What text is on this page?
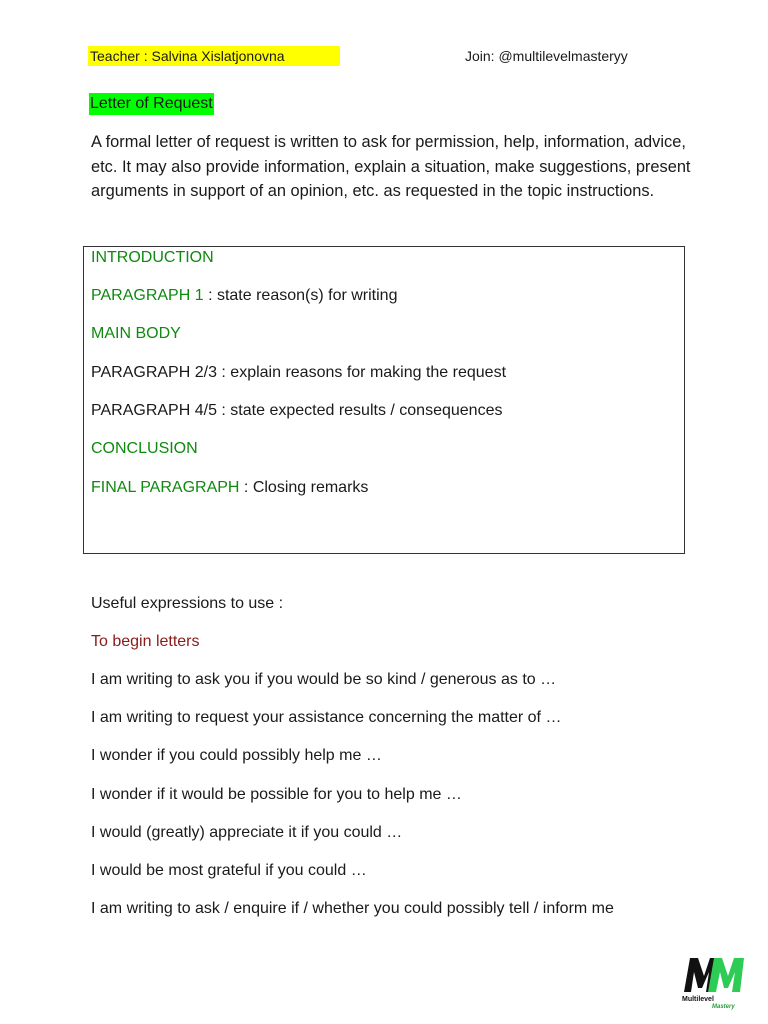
Teacher : Salvina Xislatjonovna	Join: @multilevelmasteryy
Letter of Request
A formal letter of request is written to ask for permission, help, information, advice, etc. It may also provide information, explain a situation, make suggestions, present arguments in support of an opinion, etc. as requested in the topic instructions.
INTRODUCTION
PARAGRAPH 1 : state reason(s) for writing
MAIN BODY
PARAGRAPH 2/3 : explain reasons for making the request
PARAGRAPH 4/5 : state expected results / consequences
CONCLUSION
FINAL PARAGRAPH : Closing remarks
Useful expressions to use :
To begin letters
I am writing to ask you if you would be so kind / generous as to …
I am writing to request your assistance concerning the matter of …
I wonder if you could possibly help me …
I wonder if it would be possible for you to help me …
I would (greatly) appreciate it if you could …
I would be most grateful if you could …
I am writing to ask / enquire if / whether you could possibly tell / inform me
Multilevel
Mastery
